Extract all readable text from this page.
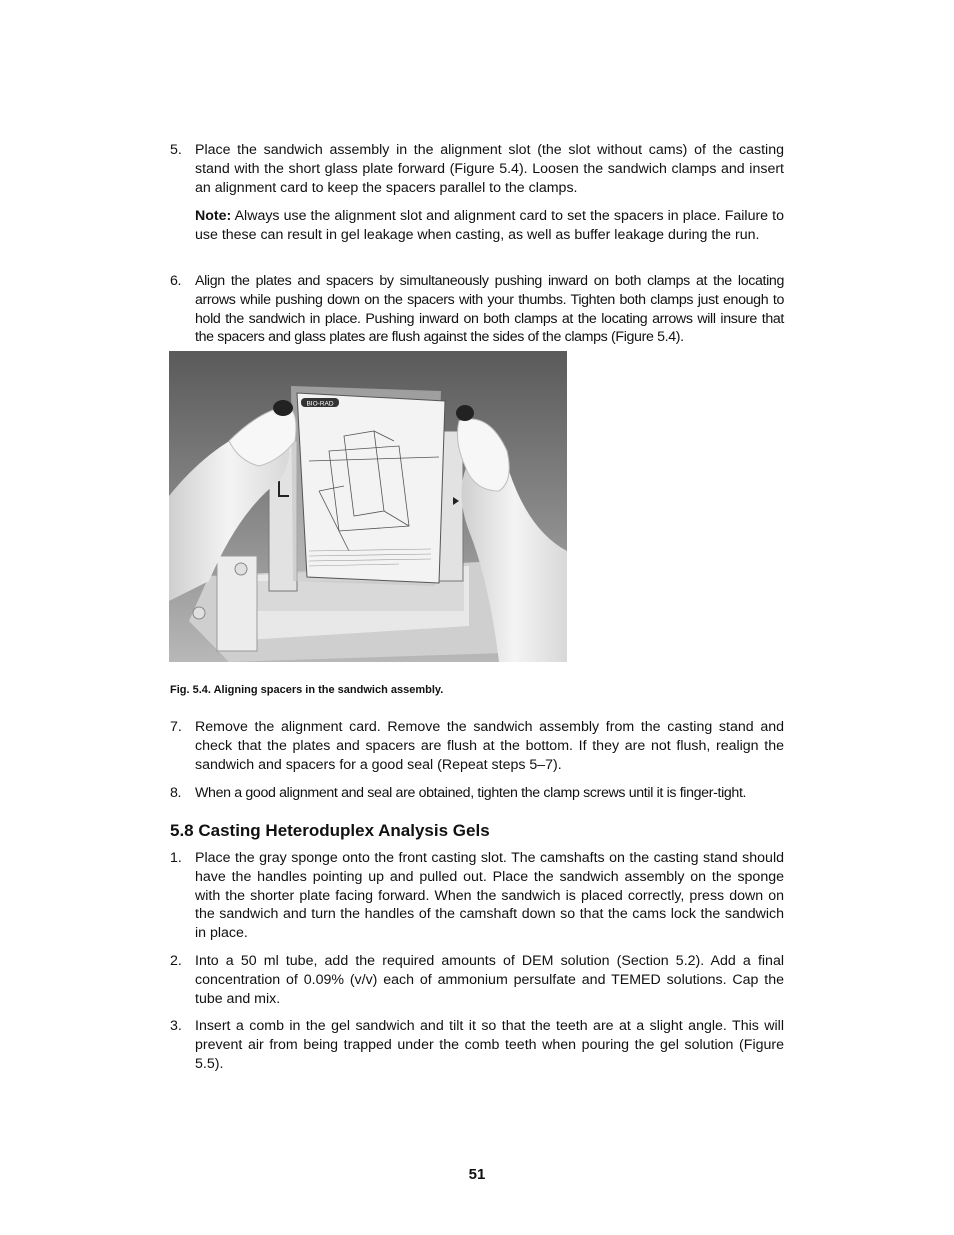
5. Place the sandwich assembly in the alignment slot (the slot without cams) of the casting stand with the short glass plate forward (Figure 5.4). Loosen the sandwich clamps and insert an alignment card to keep the spacers parallel to the clamps.
Note: Always use the alignment slot and alignment card to set the spacers in place. Failure to use these can result in gel leakage when casting, as well as buffer leakage during the run.
6. Align the plates and spacers by simultaneously pushing inward on both clamps at the locating arrows while pushing down on the spacers with your thumbs. Tighten both clamps just enough to hold the sandwich in place. Pushing inward on both clamps at the locating arrows will insure that the spacers and glass plates are flush against the sides of the clamps (Figure 5.4).
BIO-RAD
Fig. 5.4. Aligning spacers in the sandwich assembly.
7. Remove the alignment card. Remove the sandwich assembly from the casting stand and check that the plates and spacers are flush at the bottom. If they are not flush, realign the sandwich and spacers for a good seal (Repeat steps 5–7).
8. When a good alignment and seal are obtained, tighten the clamp screws until it is finger-tight.
5.8 Casting Heteroduplex Analysis Gels
1. Place the gray sponge onto the front casting slot. The camshafts on the casting stand should have the handles pointing up and pulled out. Place the sandwich assembly on the sponge with the shorter plate facing forward. When the sandwich is placed correctly, press down on the sandwich and turn the handles of the camshaft down so that the cams lock the sandwich in place.
2. Into a 50 ml tube, add the required amounts of DEM solution (Section 5.2). Add a final concentration of 0.09% (v/v) each of ammonium persulfate and TEMED solutions. Cap the tube and mix.
3. Insert a comb in the gel sandwich and tilt it so that the teeth are at a slight angle. This will prevent air from being trapped under the comb teeth when pouring the gel solution (Figure 5.5).
51
